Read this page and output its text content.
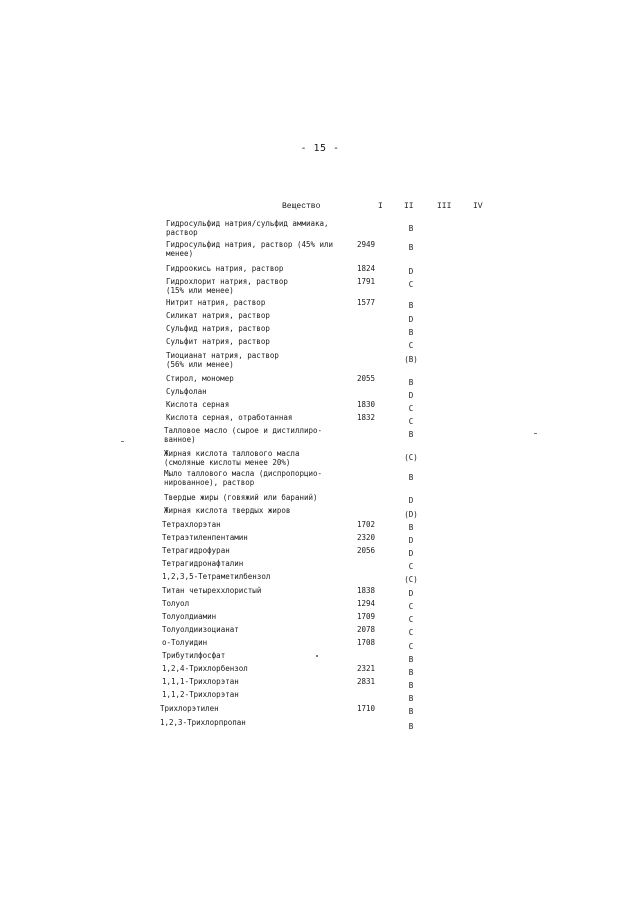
- 15 -
Вещество	I	II	III	IV
Гидросульфид натрия/сульфид аммиака,
раствор	B
Гидросульфид натрия, раствор (45% или
менее)
2949	B
Гидроокись натрия, раствор	1824	D
Гидрохлорит натрия, раствор
(15% или менее)
1791	C
Нитрит натрия, раствор	1577	B
Силикат натрия, раствор	D
Сульфид натрия, раствор	B
Сульфит натрия, раствор	C
Тиоцианат натрия, раствор
(56% или менее)
(B)
Стирол, мономер	2055	B
Сульфолан	D
Кислота серная	1830	C
Кислота серная, отработанная	1832	C
Талловое масло (сырое и дистиллиро-
ванное)
B
Жирная кислота таллового масла
(смоляные кислоты менее 20%)
(C)
Мыло таллового масла (диспропорцио-
нированное), раствор
B
Твердые жиры (говяжий или бараний)	D
Жирная кислота твердых жиров	(D)
Тетрахлорэтан	1702	B
Тетраэтиленпентамин	2320	D
Тетрагидрофуран	2056	D
Тетрагидронафталин	C
1,2,3,5-Тетраметилбензол	(C)
Титан четыреххлористый	1838	D
Толуол	1294	C
Толуолдиамин	1709	C
Толуолдиизоцианат	2078	C
о-Толуидин	1708	C
Трибутилфосфат	B
1,2,4-Трихлорбензол	2321	B
1,1,1-Трихлорэтан	2831	B
1,1,2-Трихлорэтан	B
Трихлорэтилен	1710	B
1,2,3-Трихлорпропан	B
